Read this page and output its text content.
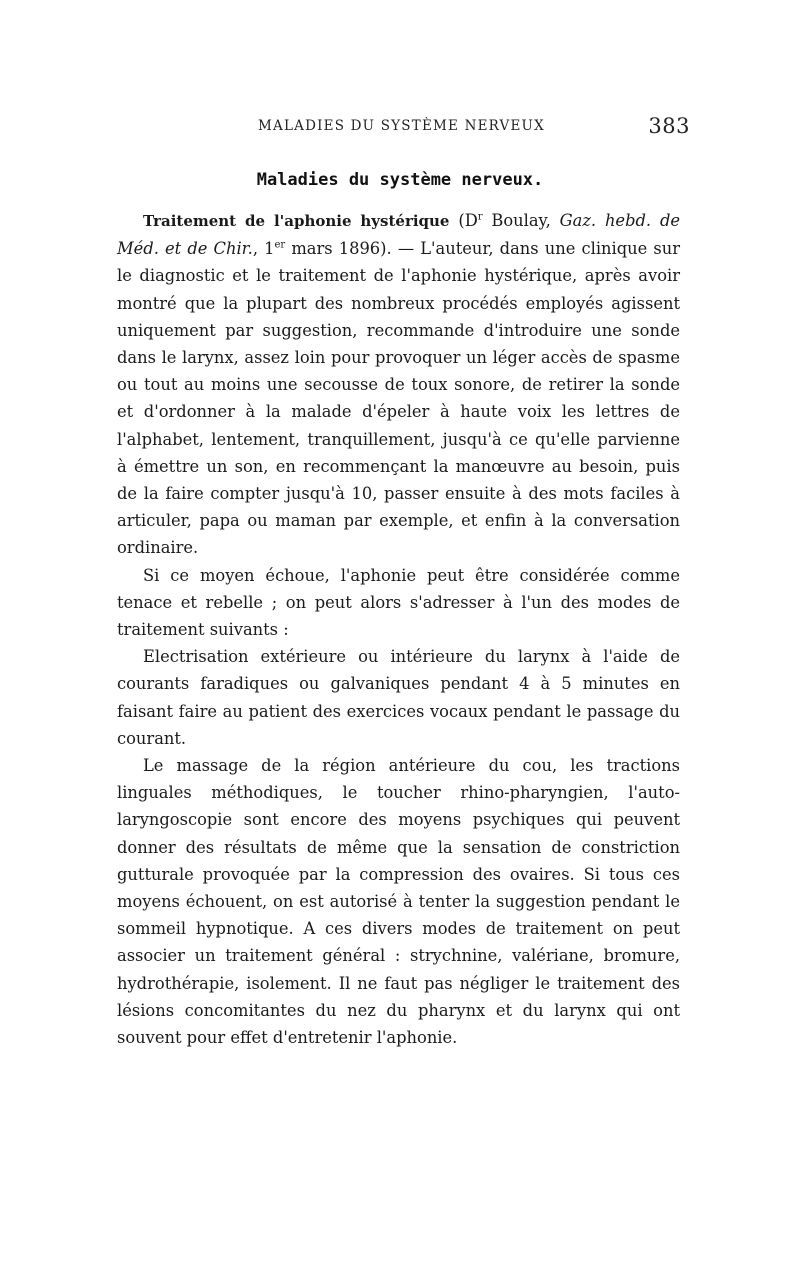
MALADIES DU SYSTÈME NERVEUX	383
Maladies du système nerveux.

Traitement de l'aphonie hystérique ($D^r$ Boulay, Gaz. hebd. de Méd. et de Chir., 1er mars 1896). — L'auteur, dans une clinique sur le diagnostic et le traitement de l'aphonie hystérique, après avoir montré que la plupart des nombreux procédés employés agissent uniquement par suggestion, recommande d'introduire une sonde dans le larynx, assez loin pour provoquer un léger accès de spasme ou tout au moins une secousse de toux sonore, de retirer la sonde et d'ordonner à la malade d'épeler à haute voix les lettres de l'alphabet, lentement, tranquillement, jusqu'à ce qu'elle parvienne à émettre un son, en recommençant la manœuvre au besoin, puis de la faire compter jusqu'à 10, passer ensuite à des mots faciles à articuler, papa ou maman par exemple, et enfin à la conversation ordinaire.

Si ce moyen échoue, l'aphonie peut être considérée comme tenace et rebelle ; on peut alors s'adresser à l'un des modes de traitement suivants :

Electrisation extérieure ou intérieure du larynx à l'aide de courants faradiques ou galvaniques pendant 4 à 5 minutes en faisant faire au patient des exercices vocaux pendant le passage du courant.

Le massage de la région antérieure du cou, les tractions linguales méthodiques, le toucher rhino-pharyngien, l'auto-laryngoscopie sont encore des moyens psychiques qui peuvent donner des résultats de même que la sensation de constriction gutturale provoquée par la compression des ovaires. Si tous ces moyens échouent, on est autorisé à tenter la suggestion pendant le sommeil hypnotique. A ces divers modes de traitement on peut associer un traitement général : strychnine, valériane, bromure, hydrothérapie, isolement. Il ne faut pas négliger le traitement des lésions concomitantes du nez du pharynx et du larynx qui ont souvent pour effet d'entretenir l'aphonie.
